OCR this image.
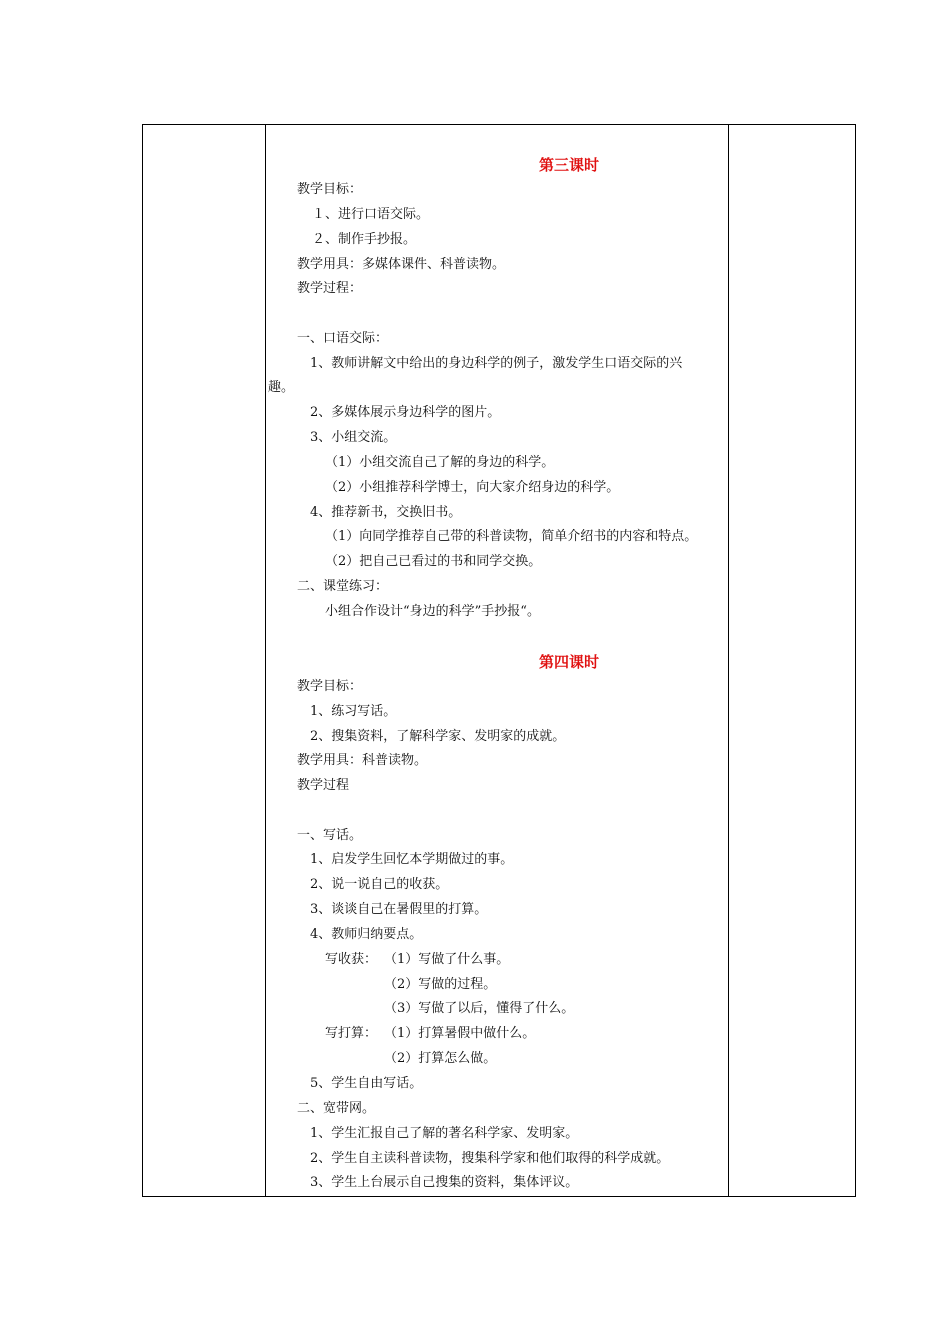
第三课时
教学目标：
１、进行口语交际。
２、制作手抄报。
教学用具：多媒体课件、科普读物。
教学过程：
一、口语交际：
1、教师讲解文中给出的身边科学的例子，激发学生口语交际的兴
趣。
2、多媒体展示身边科学的图片。
3、小组交流。
（1）小组交流自己了解的身边的科学。
（2）小组推荐科学博士，向大家介绍身边的科学。
4、推荐新书，交换旧书。
（1）向同学推荐自己带的科普读物，简单介绍书的内容和特点。
（2）把自己已看过的书和同学交换。
二、课堂练习：
小组合作设计“身边的科学”手抄报“。
第四课时
教学目标：
1、练习写话。
2、搜集资料，了解科学家、发明家的成就。
教学用具：科普读物。
教学过程
一、写话。
1、启发学生回忆本学期做过的事。
2、说一说自己的收获。
3、谈谈自己在暑假里的打算。
4、教师归纳要点。
写收获： （1）写做了什么事。
（2）写做的过程。
（3）写做了以后，懂得了什么。
写打算： （1）打算暑假中做什么。
（2）打算怎么做。
5、学生自由写话。
二、宽带网。
1、学生汇报自己了解的著名科学家、发明家。
2、学生自主读科普读物，搜集科学家和他们取得的科学成就。
3、学生上台展示自己搜集的资料，集体评议。
